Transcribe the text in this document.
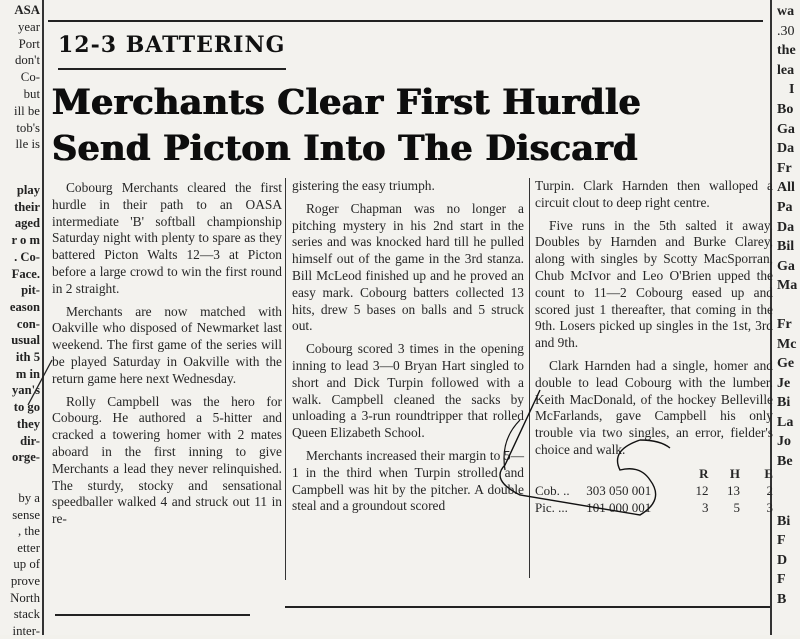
ASA
year
Port
don't
Co-
but
ill be
tob's
lle is
play
their
aged
r o m
. Co-
Face.
pit-
eason
con-
usual
ith 5
m in
yan's
to go
they
dir-
orge-
by a
sense
, the
etter
up of
prove
North
stack
inter-
wa
.30
the
lea
I
Bo
Ga
Da
Fr
All
Pa
Da
Bil
Ga
Ma
Fr
Mc
Ge
Je
Bi
La
Jo
Be
Bi
F
D
F
B
12-3 BATTERING
Merchants Clear First Hurdle
Send Picton Into The Discard

Cobourg Merchants cleared the first hurdle in their path to an OASA intermediate 'B' softball championship Saturday night with plenty to spare as they battered Picton Walts 12—3 at Picton before a large crowd to win the first round in 2 straight.

Merchants are now matched with Oakville who disposed of Newmarket last weekend. The first game of the series will be played Saturday in Oakville with the return game here next Wednesday.

Rolly Campbell was the hero for Cobourg. He authored a 5-hitter and cracked a towering homer with 2 mates aboard in the first inning to give Merchants a lead they never relinquished. The sturdy, stocky and sensational speedballer walked 4 and struck out 11 in re-

gistering the easy triumph.

Roger Chapman was no longer a pitching mystery in his 2nd start in the series and was knocked hard till he pulled himself out of the game in the 3rd stanza. Bill McLeod finished up and he proved an easy mark. Cobourg batters collected 13 hits, drew 5 bases on balls and 5 struck out.

Cobourg scored 3 times in the opening inning to lead 3—0 Bryan Hart singled to short and Dick Turpin followed with a walk. Campbell cleaned the sacks by unloading a 3-run roundtripper that rolled Queen Elizabeth School.

Merchants increased their margin to 5—1 in the third when Turpin strolled and Campbell was hit by the pitcher. A double steal and a groundout scored

Turpin. Clark Harnden then walloped a circuit clout to deep right centre.

Five runs in the 5th salted it away. Doubles by Harnden and Burke Clarey, along with singles by Scotty MacSporran, Chub McIvor and Leo O'Brien upped the count to 11—2 Cobourg eased up and scored just 1 thereafter, that coming in the 9th. Losers picked up singles in the 1st, 3rd and 9th.

Clark Harnden had a single, homer and double to lead Cobourg with the lumber. Keith MacDonald, of the hockey Belleville McFarlands, gave Campbell his only trouble via two singles, an error, fielder's choice and walk.

R	H	E
Cob. ..	303 050 001	12	13	2
Pic. ...	101 000 001	3	5	3
